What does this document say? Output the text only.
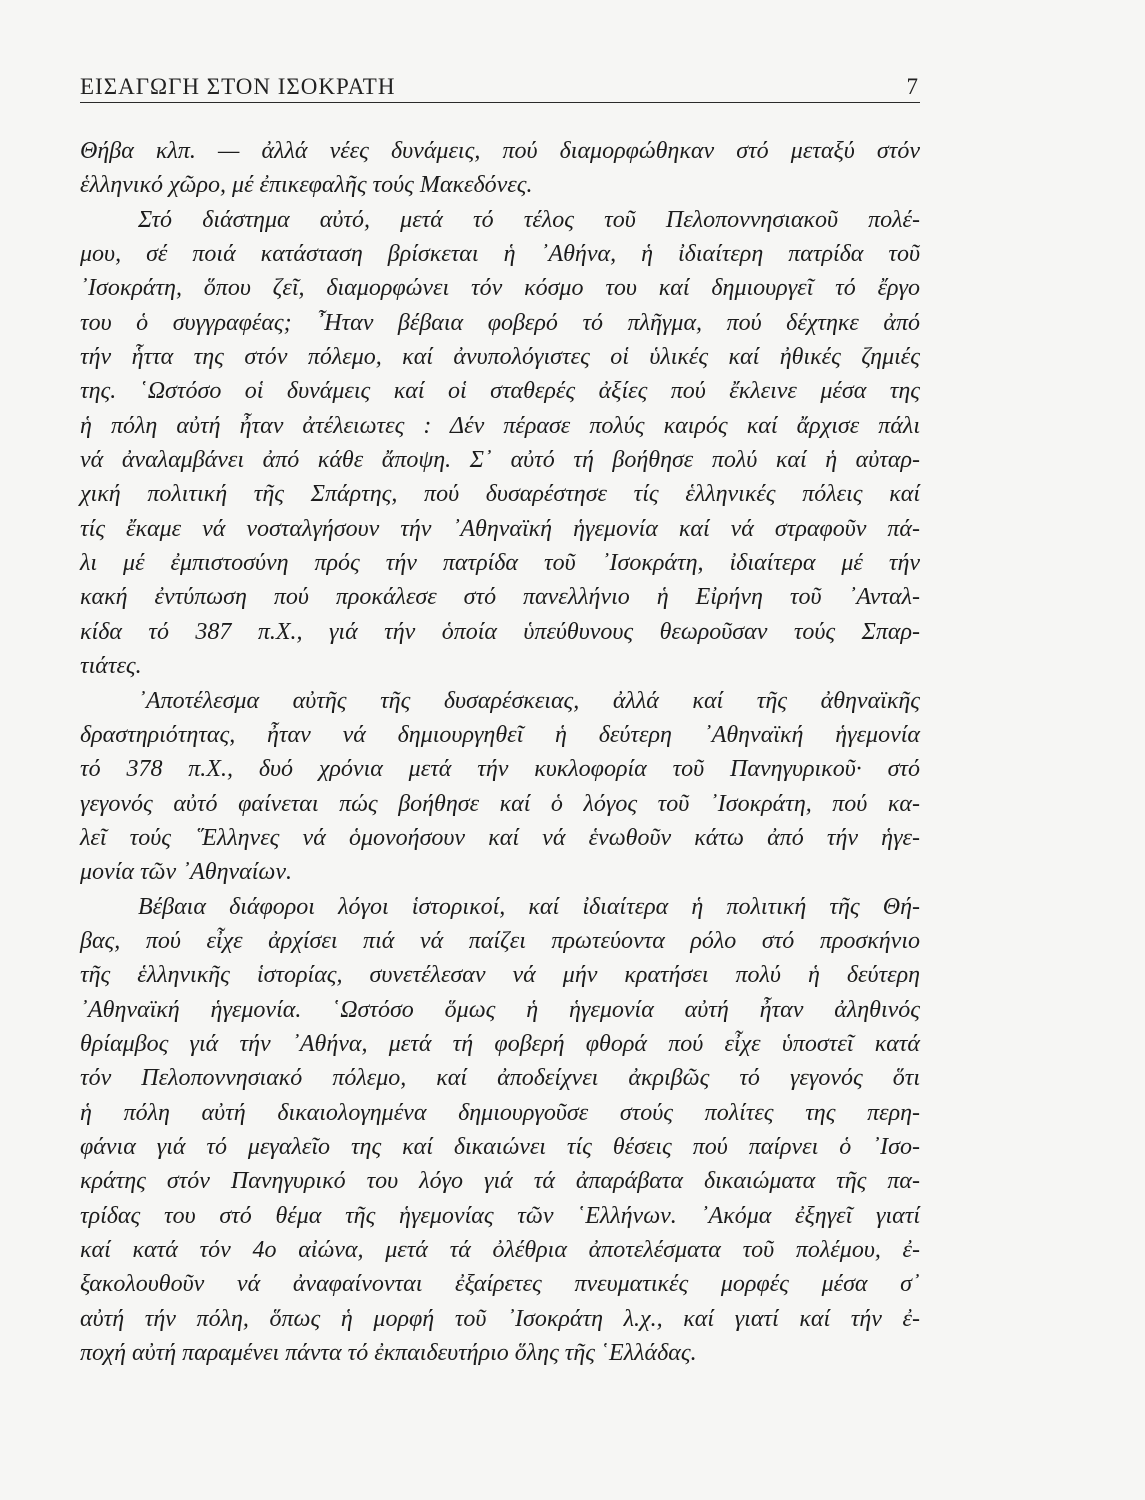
ΕΙΣΑΓΩΓΗ ΣΤΟΝ ΙΣΟΚΡΑΤΗ	7
Θήβα κλπ. — ἀλλά νέες δυνάμεις, πού διαμορφώθηκαν στό μεταξύ στόν
ἑλληνικό χῶρο, μέ ἐπικεφαλῆς τούς Μακεδόνες.
Στό διάστημα αὐτό, μετά τό τέλος τοῦ Πελοποννησιακοῦ πολέ-
μου, σέ ποιά κατάσταση βρίσκεται ἡ ᾿Αθήνα, ἡ ἰδιαίτερη πατρίδα τοῦ
᾿Ισοκράτη, ὅπου ζεῖ, διαμορφώνει τόν κόσμο του καί δημιουργεῖ τό ἔργο
του ὁ συγγραφέας; ῏Ηταν βέβαια φοβερό τό πλῆγμα, πού δέχτηκε ἀπό
τήν ἧττα της στόν πόλεμο, καί ἀνυπολόγιστες οἱ ὑλικές καί ἠθικές ζημιές
της. ῾Ωστόσο οἱ δυνάμεις καί οἱ σταθερές ἀξίες πού ἔκλεινε μέσα της
ἡ πόλη αὐτή ἦταν ἀτέλειωτες : Δέν πέρασε πολύς καιρός καί ἄρχισε πάλι
νά ἀναλαμβάνει ἀπό κάθε ἄποψη. Σ᾿ αὐτό τή βοήθησε πολύ καί ἡ αὐταρ-
χική πολιτική τῆς Σπάρτης, πού δυσαρέστησε τίς ἑλληνικές πόλεις καί
τίς ἔκαμε νά νοσταλγήσουν τήν ᾿Αθηναϊκή ἡγεμονία καί νά στραφοῦν πά-
λι μέ ἐμπιστοσύνη πρός τήν πατρίδα τοῦ ᾿Ισοκράτη, ἰδιαίτερα μέ τήν
κακή ἐντύπωση πού προκάλεσε στό πανελλήνιο ἡ Εἰρήνη τοῦ ᾿Ανταλ-
κίδα τό 387 π.Χ., γιά τήν ὁποία ὑπεύθυνους θεωροῦσαν τούς Σπαρ-
τιάτες.
᾿Αποτέλεσμα αὐτῆς τῆς δυσαρέσκειας, ἀλλά καί τῆς ἀθηναϊκῆς
δραστηριότητας, ἦταν νά δημιουργηθεῖ ἡ δεύτερη ᾿Αθηναϊκή ἡγεμονία
τό 378 π.Χ., δυό χρόνια μετά τήν κυκλοφορία τοῦ Πανηγυρικοῦ· στό
γεγονός αὐτό φαίνεται πώς βοήθησε καί ὁ λόγος τοῦ ᾿Ισοκράτη, πού κα-
λεῖ τούς ῞Ελληνες νά ὁμονοήσουν καί νά ἑνωθοῦν κάτω ἀπό τήν ἡγε-
μονία τῶν ᾿Αθηναίων.
Βέβαια διάφοροι λόγοι ἱστορικοί, καί ἰδιαίτερα ἡ πολιτική τῆς Θή-
βας, πού εἶχε ἀρχίσει πιά νά παίζει πρωτεύοντα ρόλο στό προσκήνιο
τῆς ἑλληνικῆς ἱστορίας, συνετέλεσαν νά μήν κρατήσει πολύ ἡ δεύτερη
᾿Αθηναϊκή ἡγεμονία. ῾Ωστόσο ὅμως ἡ ἡγεμονία αὐτή ἦταν ἀληθινός
θρίαμβος γιά τήν ᾿Αθήνα, μετά τή φοβερή φθορά πού εἶχε ὑποστεῖ κατά
τόν Πελοποννησιακό πόλεμο, καί ἀποδείχνει ἀκριβῶς τό γεγονός ὅτι
ἡ πόλη αὐτή δικαιολογημένα δημιουργοῦσε στούς πολίτες της περη-
φάνια γιά τό μεγαλεῖο της καί δικαιώνει τίς θέσεις πού παίρνει ὁ ᾿Ισο-
κράτης στόν Πανηγυρικό του λόγο γιά τά ἀπαράβατα δικαιώματα τῆς πα-
τρίδας του στό θέμα τῆς ἡγεμονίας τῶν ῾Ελλήνων. ᾿Ακόμα ἐξηγεῖ γιατί
καί κατά τόν 4ο αἰώνα, μετά τά ὀλέθρια ἀποτελέσματα τοῦ πολέμου, ἐ-
ξακολουθοῦν νά ἀναφαίνονται ἐξαίρετες πνευματικές μορφές μέσα σ᾿
αὐτή τήν πόλη, ὅπως ἡ μορφή τοῦ ᾿Ισοκράτη λ.χ., καί γιατί καί τήν ἐ-
ποχή αὐτή παραμένει πάντα τό ἐκπαιδευτήριο ὅλης τῆς ῾Ελλάδας.
